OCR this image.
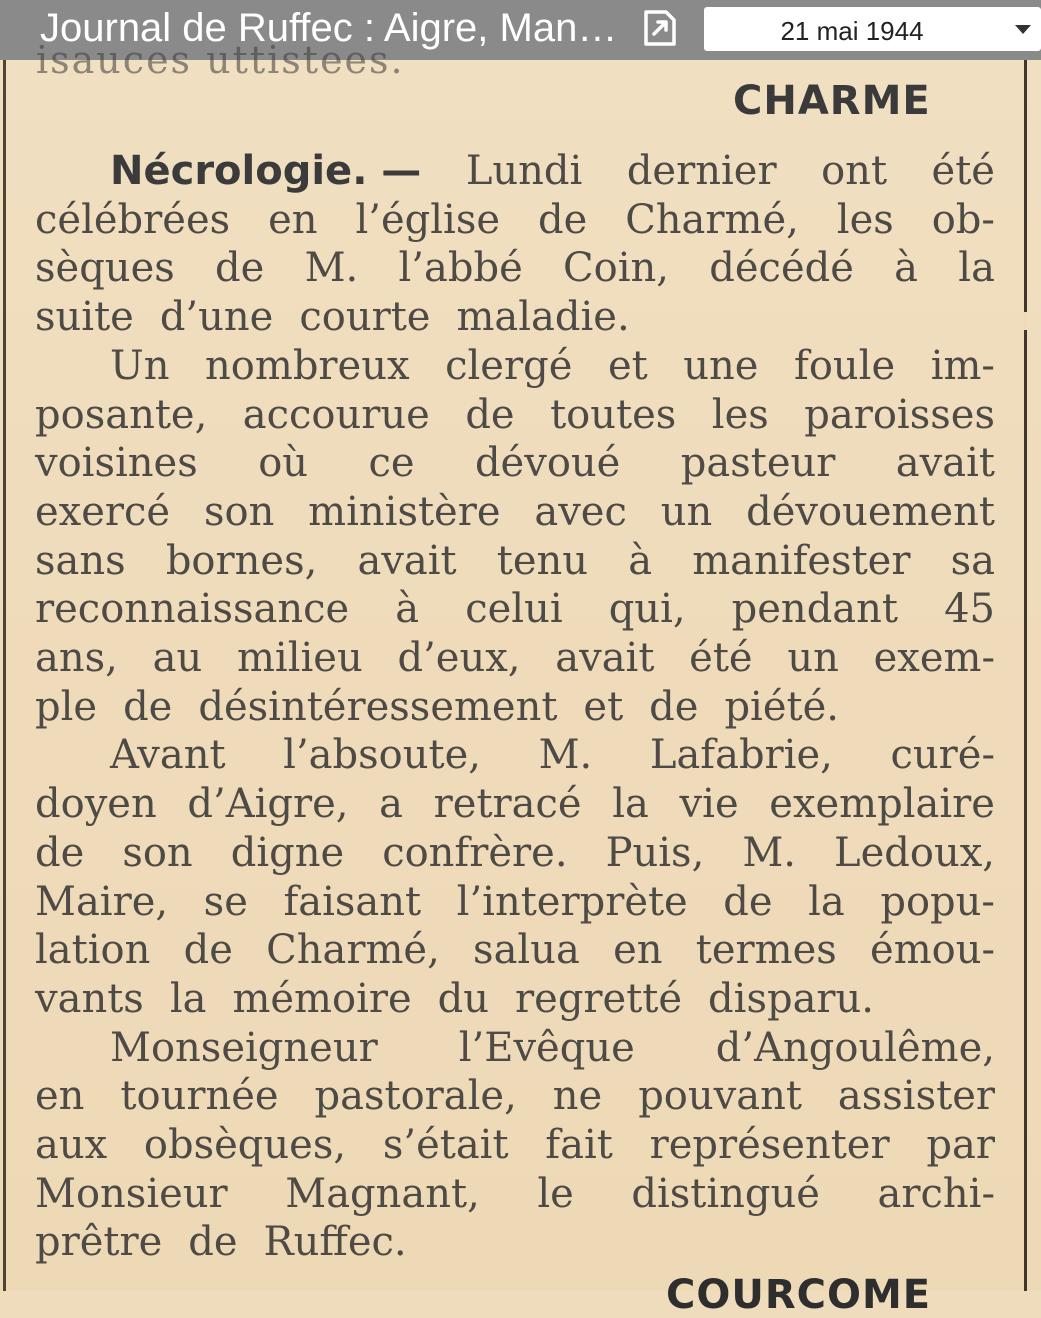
Journal de Ruffec : Aigre, Man…	21 mai 1944
isauces uttistees.
CHARME
Nécrologie. — Lundi dernier ont été
célébrées en l’église de Charmé, les ob-
sèques de M. l’abbé Coin, décédé à la
suite d’une courte maladie.
Un nombreux clergé et une foule im-
posante, accourue de toutes les paroisses
voisines où ce dévoué pasteur avait
exercé son ministère avec un dévouement
sans bornes, avait tenu à manifester sa
reconnaissance à celui qui, pendant 45
ans, au milieu d’eux, avait été un exem-
ple de désintéressement et de piété.
Avant l’absoute, M. Lafabrie, curé-
doyen d’Aigre, a retracé la vie exemplaire
de son digne confrère. Puis, M. Ledoux,
Maire, se faisant l’interprète de la popu-
lation de Charmé, salua en termes émou-
vants la mémoire du regretté disparu.
Monseigneur l’Evêque d’Angoulême,
en tournée pastorale, ne pouvant assister
aux obsèques, s’était fait représenter par
Monsieur Magnant, le distingué archi-
prêtre de Ruffec.
COURCOME
